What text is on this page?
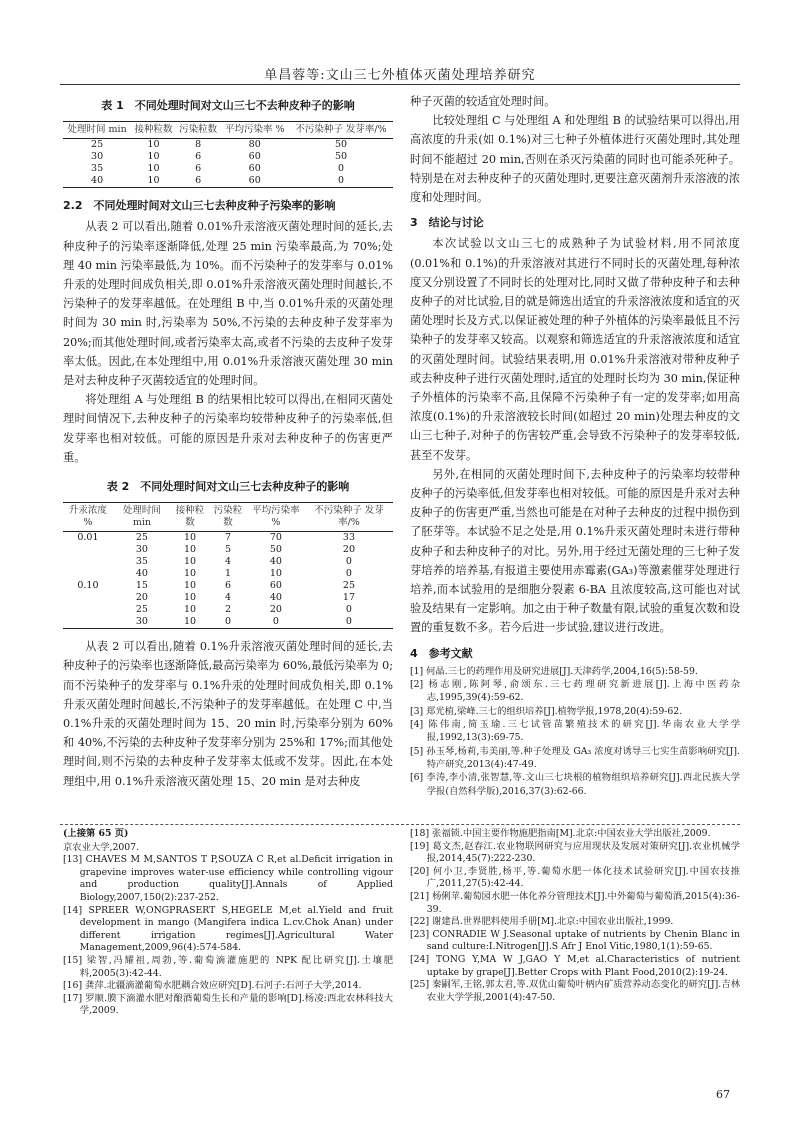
单昌蓉等:文山三七外植体灭菌处理培养研究
表 1　不同处理时间对文山三七不去种皮种子的影响
处理时间 min	接种粒数	污染粒数	平均污染率 %	不污染种子 发芽率/%
25	10	8	80	50
30	10	6	60	50
35	10	6	60	0
40	10	6	60	0
2.2　不同处理时间对文山三七去种皮种子污染率的影响

从表 2 可以看出,随着 0.01%升汞溶液灭菌处理时间的延长,去种皮种子的污染率逐渐降低,处理 25 min 污染率最高,为 70%;处理 40 min 污染率最低,为 10%。而不污染种子的发芽率与 0.01%升汞的处理时间成负相关,即 0.01%升汞溶液灭菌处理时间越长,不污染种子的发芽率越低。在处理组 B 中,当 0.01%升汞的灭菌处理时间为 30 min 时,污染率为 50%,不污染的去种皮种子发芽率为 20%;而其他处理时间,或者污染率太高,或者不污染的去皮种子发芽率太低。因此,在本处理组中,用 0.01%升汞溶液灭菌处理 30 min 是对去种皮种子灭菌较适宜的处理时间。

将处理组 A 与处理组 B 的结果相比较可以得出,在相同灭菌处理时间情况下,去种皮种子的污染率均较带种皮种子的污染率低,但发芽率也相对较低。可能的原因是升汞对去种皮种子的伤害更严重。

表 2　不同处理时间对文山三七去种皮种子的影响
升汞浓度 %	处理时间 min	接种粒数	污染粒数	平均污染率 %	不污染种子 发芽率/%
0.01	25	10	7	70	33
	30	10	5	50	20
	35	10	4	40	0
	40	10	1	10	0
0.10	15	10	6	60	25
	20	10	4	40	17
	25	10	2	20	0
	30	10	0	0	0

从表 2 可以看出,随着 0.1%升汞溶液灭菌处理时间的延长,去种皮种子的污染率也逐渐降低,最高污染率为 60%,最低污染率为 0;而不污染种子的发芽率与 0.1%升汞的处理时间成负相关,即 0.1%升汞灭菌处理时间越长,不污染种子的发芽率越低。在处理 C 中,当 0.1%升汞的灭菌处理时间为 15、20 min 时,污染率分别为 60%和 40%,不污染的去种皮种子发芽率分别为 25%和 17%;而其他处理时间,则不污染的去种皮种子发芽率太低或不发芽。因此,在本处理组中,用 0.1%升汞溶液灭菌处理 15、20 min 是对去种皮

种子灭菌的较适宜处理时间。

比较处理组 C 与处理组 A 和处理组 B 的试验结果可以得出,用高浓度的升汞(如 0.1%)对三七种子外植体进行灭菌处理时,其处理时间不能超过 20 min,否则在杀灭污染菌的同时也可能杀死种子。特别是在对去种皮种子的灭菌处理时,更要注意灭菌剂升汞溶液的浓度和处理时间。

3　结论与讨论

本次试验以文山三七的成熟种子为试验材料,用不同浓度(0.01%和 0.1%)的升汞溶液对其进行不同时长的灭菌处理,每种浓度又分别设置了不同时长的处理对比,同时又做了带种皮种子和去种皮种子的对比试验,目的就是筛选出适宜的升汞溶液浓度和适宜的灭菌处理时长及方式,以保证被处理的种子外植体的污染率最低且不污染种子的发芽率又较高。以观察和筛选适宜的升汞溶液浓度和适宜的灭菌处理时间。试验结果表明,用 0.01%升汞溶液对带种皮种子或去种皮种子进行灭菌处理时,适宜的处理时长均为 30 min,保证种子外植体的污染率不高,且保障不污染种子有一定的发芽率;如用高浓度(0.1%)的升汞溶液较长时间(如超过 20 min)处理去种皮的文山三七种子,对种子的伤害较严重,会导致不污染种子的发芽率较低,甚至不发芽。

另外,在相同的灭菌处理时间下,去种皮种子的污染率均较带种皮种子的污染率低,但发芽率也相对较低。可能的原因是升汞对去种皮种子的伤害更严重,当然也可能是在对种子去种皮的过程中损伤到了胚芽等。本试验不足之处是,用 0.1%升汞灭菌处理时未进行带种皮种子和去种皮种子的对比。另外,用于经过无菌处理的三七种子发芽培养的培养基,有报道主要使用赤霉素(GA₃)等激素催芽处理进行培养,而本试验用的是细胞分裂素 6-BA 且浓度较高,这可能也对试验及结果有一定影响。加之由于种子数量有限,试验的重复次数和设置的重复数不多。若今后进一步试验,建议进行改进。

4　参考文献
[1] 何晶.三七的药理作用及研究进展[J].天津药学,2004,16(5):58-59.
[2] 杨志刚,陈阿琴,俞颂东.三七药理研究新进展[J].上海中医药杂志,1995,39(4):59-62.
[3] 郑光植,梁峰.三七的组织培养[J].植物学报,1978,20(4):59-62.
[4] 陈伟南,简玉瑜.三七试管苗繁殖技术的研究[J].华南农业大学学报,1992,13(3):69-75.
[5] 孙玉琴,杨莉,韦美丽,等.种子处理及 GA₃ 浓度对诱导三七实生苗影响研究[J].特产研究,2013(4):47-49.
[6] 李涛,李小清,张智慧,等.文山三七块根的植物组织培养研究[J].西北民族大学学报(自然科学版),2016,37(3):62-66.
(上接第 65 页)
京农业大学,2007.
[13] CHAVES M M,SANTOS T P,SOUZA C R,et al.Deficit irrigation in grapevine improves water-use efficiency while controlling vigour and production quality[J].Annals of Applied Biology,2007,150(2):237-252.
[14] SPREER W,ONGPRASERT S,HEGELE M,et al.Yield and fruit development in mango (Mangifera indica L.cv.Chok Anan) under different irrigation regimes[J].Agricultural Water Management,2009,96(4):574-584.
[15] 梁智,冯耀祖,周勃,等.葡萄滴灌施肥的 NPK 配比研究[J].土壤肥料,2005(3):42-44.
[16] 龚萍.北疆滴灌葡萄水肥耦合效应研究[D].石河子:石河子大学,2014.
[17] 罗顺.膜下滴灌水肥对酿酒葡萄生长和产量的影响[D].杨凌:西北农林科技大学,2009.
[18] 张福锁.中国主要作物施肥指南[M].北京:中国农业大学出版社,2009.
[19] 葛文杰,赵春江.农业物联网研究与应用现状及发展对策研究[J].农业机械学报,2014,45(7):222-230.
[20] 何小卫,李贤胜,杨平,等.葡萄水肥一体化技术试验研究[J].中国农技推广,2011,27(5):42-44.
[21] 杨俐苹.葡萄园水肥一体化养分管理技术[J].中外葡萄与葡萄酒,2015(4):36-39.
[22] 谢建昌.世界肥料使用手册[M].北京:中国农业出版社,1999.
[23] CONRADIE W J.Seasonal uptake of nutrients by Chenin Blanc in sand culture:I.Nitrogen[J].S Afr J Enol Vitic,1980,1(1):59-65.
[24] TONG Y,MA W J,GAO Y M,et al.Characteristics of nutrient uptake by grape[J].Better Crops with Plant Food,2010(2):19-24.
[25] 秦嗣军,王铭,郭太君,等.双优山葡萄叶柄内矿质营养动态变化的研究[J].吉林农业大学学报,2001(4):47-50.
67
